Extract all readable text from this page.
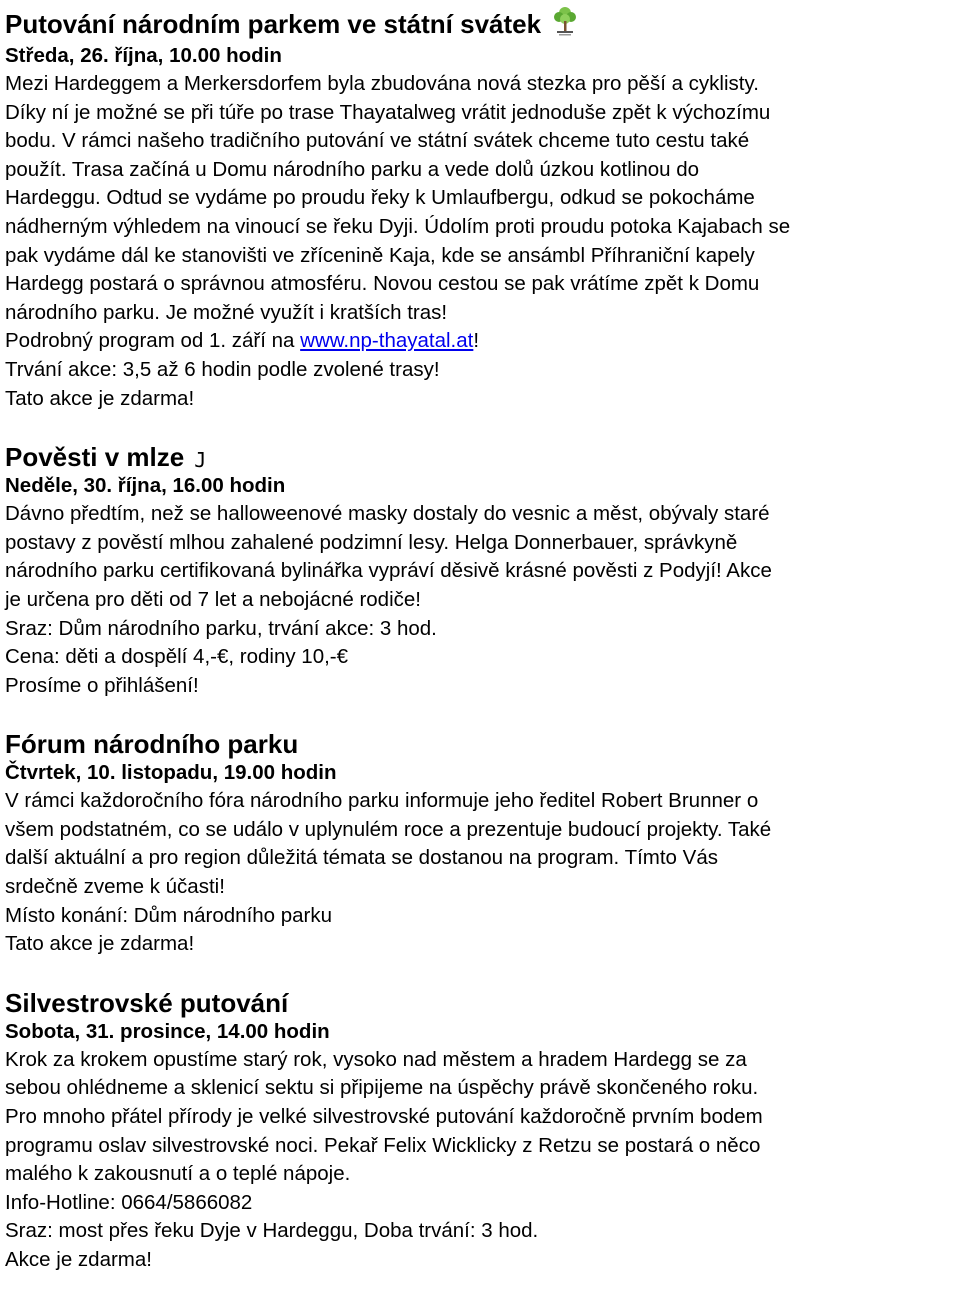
Putování národním parkem ve státní svátek
Středa, 26. října, 10.00 hodin
Mezi Hardeggem a Merkersdorfem byla zbudována nová stezka pro pěší a cyklisty.
Díky ní je možné se při túře po trase Thayatalweg vrátit jednoduše zpět k výchozímu
bodu. V rámci našeho tradičního putování ve státní svátek chceme tuto cestu také
použít. Trasa začíná u Domu národního parku a vede dolů úzkou kotlinou do
Hardeggu. Odtud se vydáme po proudu řeky k Umlaufbergu, odkud se pokocháme
nádherným výhledem na vinoucí se řeku Dyji. Údolím proti proudu potoka Kajabach se
pak vydáme dál ke stanovišti ve zřícenině Kaja, kde se ansámbl Příhraniční kapely
Hardegg postará o správnou atmosféru. Novou cestou se pak vrátíme zpět k Domu
národního parku. Je možné využít i kratších tras!
Podrobný program od 1. září na www.np-thayatal.at!
Trvání akce: 3,5 až 6 hodin podle zvolené trasy!
Tato akce je zdarma!
Pověsti v mlze J
Neděle, 30. října, 16.00 hodin
Dávno předtím, než se halloweenové masky dostaly do vesnic a měst, obývaly staré
postavy z pověstí mlhou zahalené podzimní lesy. Helga Donnerbauer, správkyně
národního parku certifikovaná bylinářka vypráví děsivě krásné pověsti z Podyjí! Akce
je určena pro děti od 7 let a nebojácné rodiče!
Sraz: Dům národního parku, trvání akce: 3 hod.
Cena: děti a dospělí 4,-€, rodiny 10,-€
Prosíme o přihlášení!
Fórum národního parku
Čtvrtek, 10. listopadu, 19.00 hodin
V rámci každoročního fóra národního parku informuje jeho ředitel Robert Brunner o
všem podstatném, co se událo v uplynulém roce a prezentuje budoucí projekty. Také
další aktuální a pro region důležitá témata se dostanou na program. Tímto Vás
srdečně zveme k účasti!
Místo konání: Dům národního parku
Tato akce je zdarma!
Silvestrovské putování
Sobota, 31. prosince, 14.00 hodin
Krok za krokem opustíme starý rok, vysoko nad městem a hradem Hardegg se za
sebou ohlédneme a sklenicí sektu si připijeme na úspěchy právě skončeného roku.
Pro mnoho přátel přírody je velké silvestrovské putování každoročně prvním bodem
programu oslav silvestrovské noci. Pekař Felix Wicklicky z Retzu se postará o něco
malého k zakousnutí a o teplé nápoje.
Info-Hotline: 0664/5866082
Sraz: most přes řeku Dyje v Hardeggu, Doba trvání: 3 hod.
Akce je zdarma!
